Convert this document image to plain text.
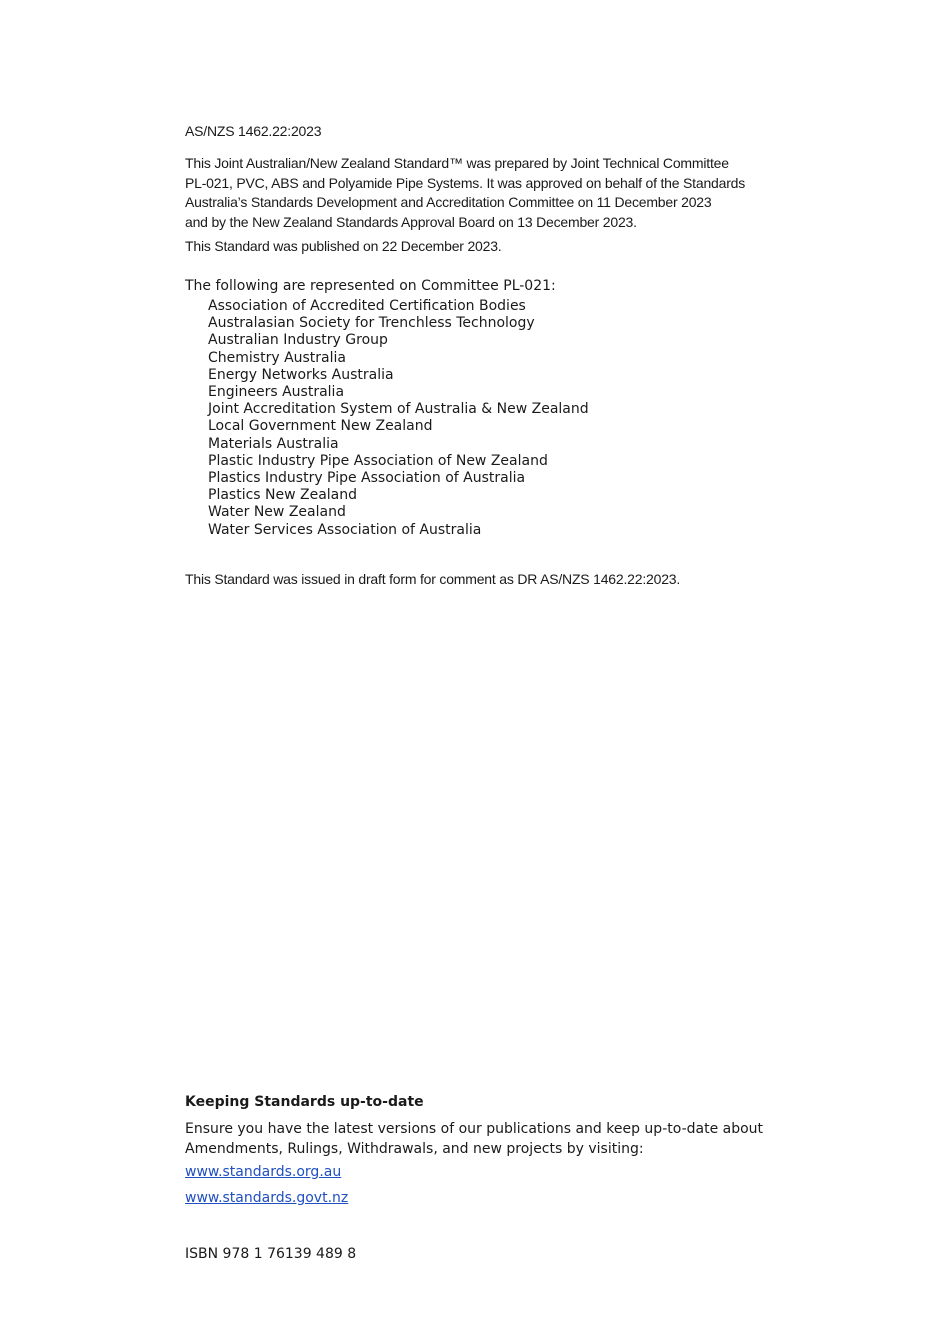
AS/NZS 1462.22:2023
This Joint Australian/New Zealand Standard™ was prepared by Joint Technical Committee
PL-021, PVC, ABS and Polyamide Pipe Systems. It was approved on behalf of the Standards
Australia’s Standards Development and Accreditation Committee on 11 December 2023
and by the New Zealand Standards Approval Board on 13 December 2023.
This Standard was published on 22 December 2023.
The following are represented on Committee PL-021:
Association of Accredited Certification Bodies
Australasian Society for Trenchless Technology
Australian Industry Group
Chemistry Australia
Energy Networks Australia
Engineers Australia
Joint Accreditation System of Australia & New Zealand
Local Government New Zealand
Materials Australia
Plastic Industry Pipe Association of New Zealand
Plastics Industry Pipe Association of Australia
Plastics New Zealand
Water New Zealand
Water Services Association of Australia
This Standard was issued in draft form for comment as DR AS/NZS 1462.22:2023.
Keeping Standards up-to-date
Ensure you have the latest versions of our publications and keep up-to-date about
Amendments, Rulings, Withdrawals, and new projects by visiting:
www.standards.org.au
www.standards.govt.nz
ISBN 978 1 76139 489 8
